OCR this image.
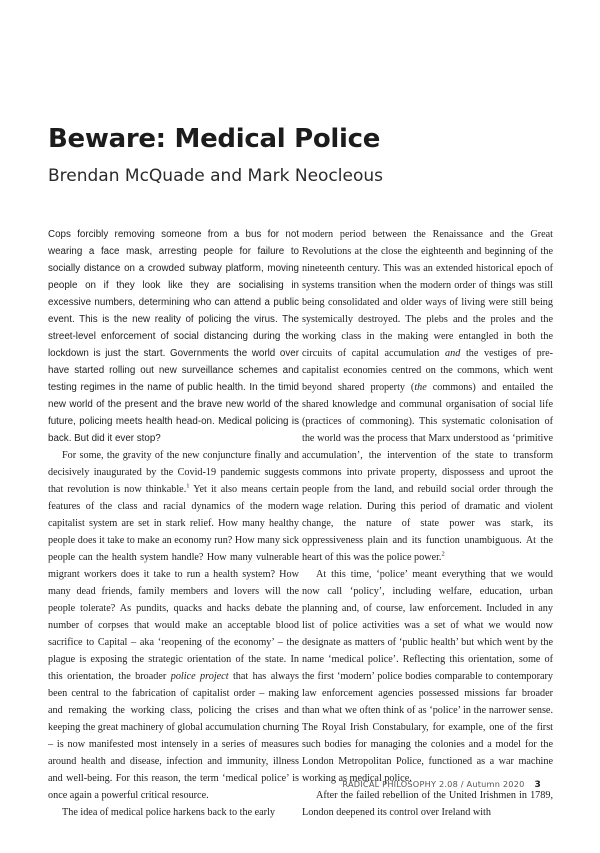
Beware: Medical Police
Brendan McQuade and Mark Neocleous

Cops forcibly removing someone from a bus for not wearing a face mask, arresting people for failure to socially distance on a crowded subway platform, moving people on if they look like they are socialising in excessive numbers, determining who can attend a public event. This is the new reality of policing the virus. The street-level enforcement of social distancing during the lockdown is just the start. Governments the world over have started rolling out new surveillance schemes and testing regimes in the name of public health. In the timid new world of the present and the brave new world of the future, policing meets health head-on. Medical policing is back. But did it ever stop?

For some, the gravity of the new conjuncture finally and decisively inaugurated by the Covid-19 pandemic suggests that revolution is now thinkable.$^1$ Yet it also means certain features of the class and racial dynamics of the modern capitalist system are set in stark relief. How many healthy people does it take to make an economy run? How many sick people can the health system handle? How many vulnerable migrant workers does it take to run a health system? How many dead friends, family members and lovers will the people tolerate? As pundits, quacks and hacks debate the number of corpses that would make an acceptable blood sacrifice to Capital – aka ‘reopening of the economy’ – the plague is exposing the strategic orientation of the state. In this orientation, the broader police project that has always been central to the fabrication of capitalist order – making and remaking the working class, policing the crises and keeping the great machinery of global accumulation churning – is now manifested most intensely in a series of measures around health and disease, infection and immunity, illness and well-being. For this reason, the term ‘medical police’ is once again a powerful critical resource.

The idea of medical police harkens back to the early

modern period between the Renaissance and the Great Revolutions at the close the eighteenth and beginning of the nineteenth century. This was an extended historical epoch of systems transition when the modern order of things was still being consolidated and older ways of living were still being systemically destroyed. The plebs and the proles and the working class in the making were entangled in both the circuits of capital accumulation and the vestiges of pre-capitalist economies centred on the commons, which went beyond shared property (the commons) and entailed the shared knowledge and communal organisation of social life (practices of commoning). This systematic colonisation of the world was the process that Marx understood as ‘primitive accumulation’, the intervention of the state to transform commons into private property, dispossess and uproot the people from the land, and rebuild social order through the wage relation. During this period of dramatic and violent change, the nature of state power was stark, its oppressiveness plain and its function unambiguous. At the heart of this was the police power.$^2$

At this time, ‘police’ meant everything that we would now call ‘policy’, including welfare, education, urban planning and, of course, law enforcement. Included in any list of police activities was a set of what we would now designate as matters of ‘public health’ but which went by the name ‘medical police’. Reflecting this orientation, some of the first ‘modern’ police bodies comparable to contemporary law enforcement agencies possessed missions far broader than what we often think of as ‘police’ in the narrower sense. The Royal Irish Constabulary, for example, one of the first such bodies for managing the colonies and a model for the London Metropolitan Police, functioned as a war machine working as medical police.

After the failed rebellion of the United Irishmen in 1789, London deepened its control over Ireland with

RADICAL PHILOSOPHY 2.08 / Autumn 2020 3
